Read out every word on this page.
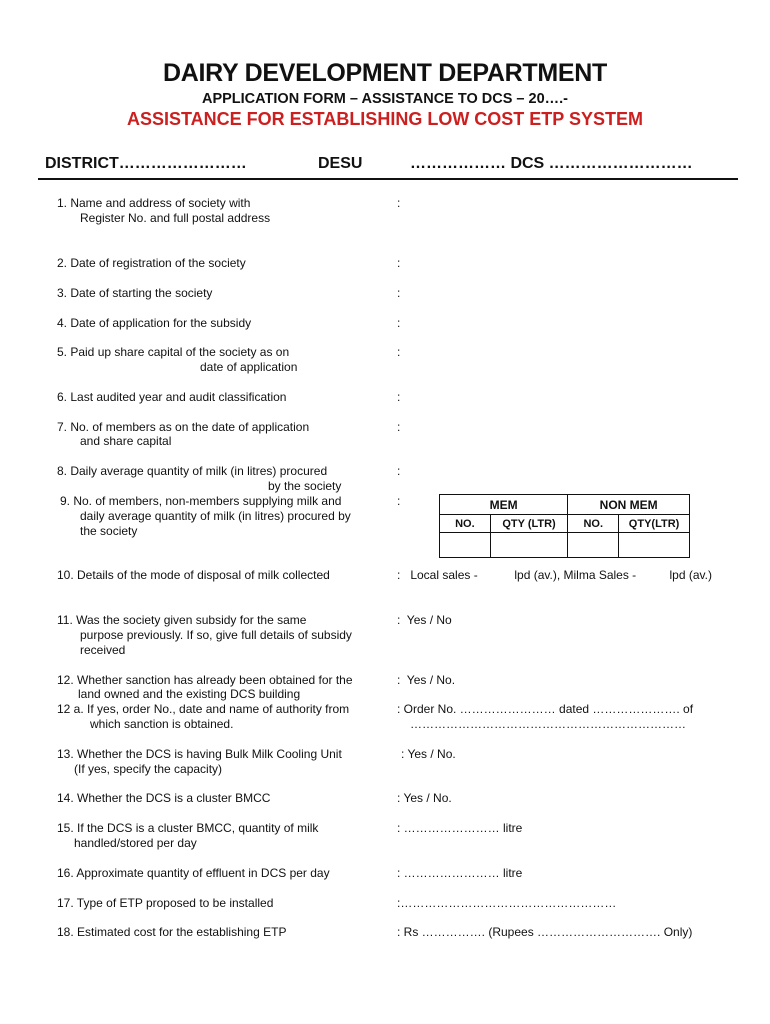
DAIRY DEVELOPMENT DEPARTMENT
APPLICATION FORM – ASSISTANCE TO DCS – 20….-
ASSISTANCE FOR ESTABLISHING LOW COST ETP SYSTEM
DISTRICT……………………	DESU	……………… DCS ………………………
1. Name and address of society with
Register No. and full postal address
:
2. Date of registration of the society	:
3. Date of starting the society	:
4. Date of application for the subsidy	:
5. Paid up share capital of the society as on
date of application
:
6. Last audited year and audit classification	:
7. No. of members as on the date of application
and share capital
:
8. Daily average quantity of milk (in litres) procured
by the society
:
9. No. of members, non-members supplying milk and
daily average quantity of milk (in litres) procured by
the society
:	MEM		NON MEM	
NO.	QTY (LTR)	NO.	QTY(LTR)

10. Details of the mode of disposal of milk collected	:   Local sales -           lpd (av.), Milma Sales -          lpd (av.)
11. Was the society given subsidy for the same
purpose previously. If so, give full details of subsidy
received
:  Yes / No
12. Whether sanction has already been obtained for the
land owned and the existing DCS building
:  Yes / No.
12 a. If yes, order No., date and name of authority from
which sanction is obtained.
: Order No. …………………… dated …………………. of
……………………………………………………………
13. Whether the DCS is having Bulk Milk Cooling Unit
(If yes, specify the capacity)
: Yes / No.
14. Whether the DCS is a cluster BMCC	: Yes / No.
15. If the DCS is a cluster BMCC, quantity of milk
handled/stored per day
: …………………… litre
16. Approximate quantity of effluent in DCS per day	: …………………… litre
17. Type of ETP proposed to be installed	:………………………………………………
18. Estimated cost for the establishing ETP	: Rs ……………. (Rupees …………………………. Only)
